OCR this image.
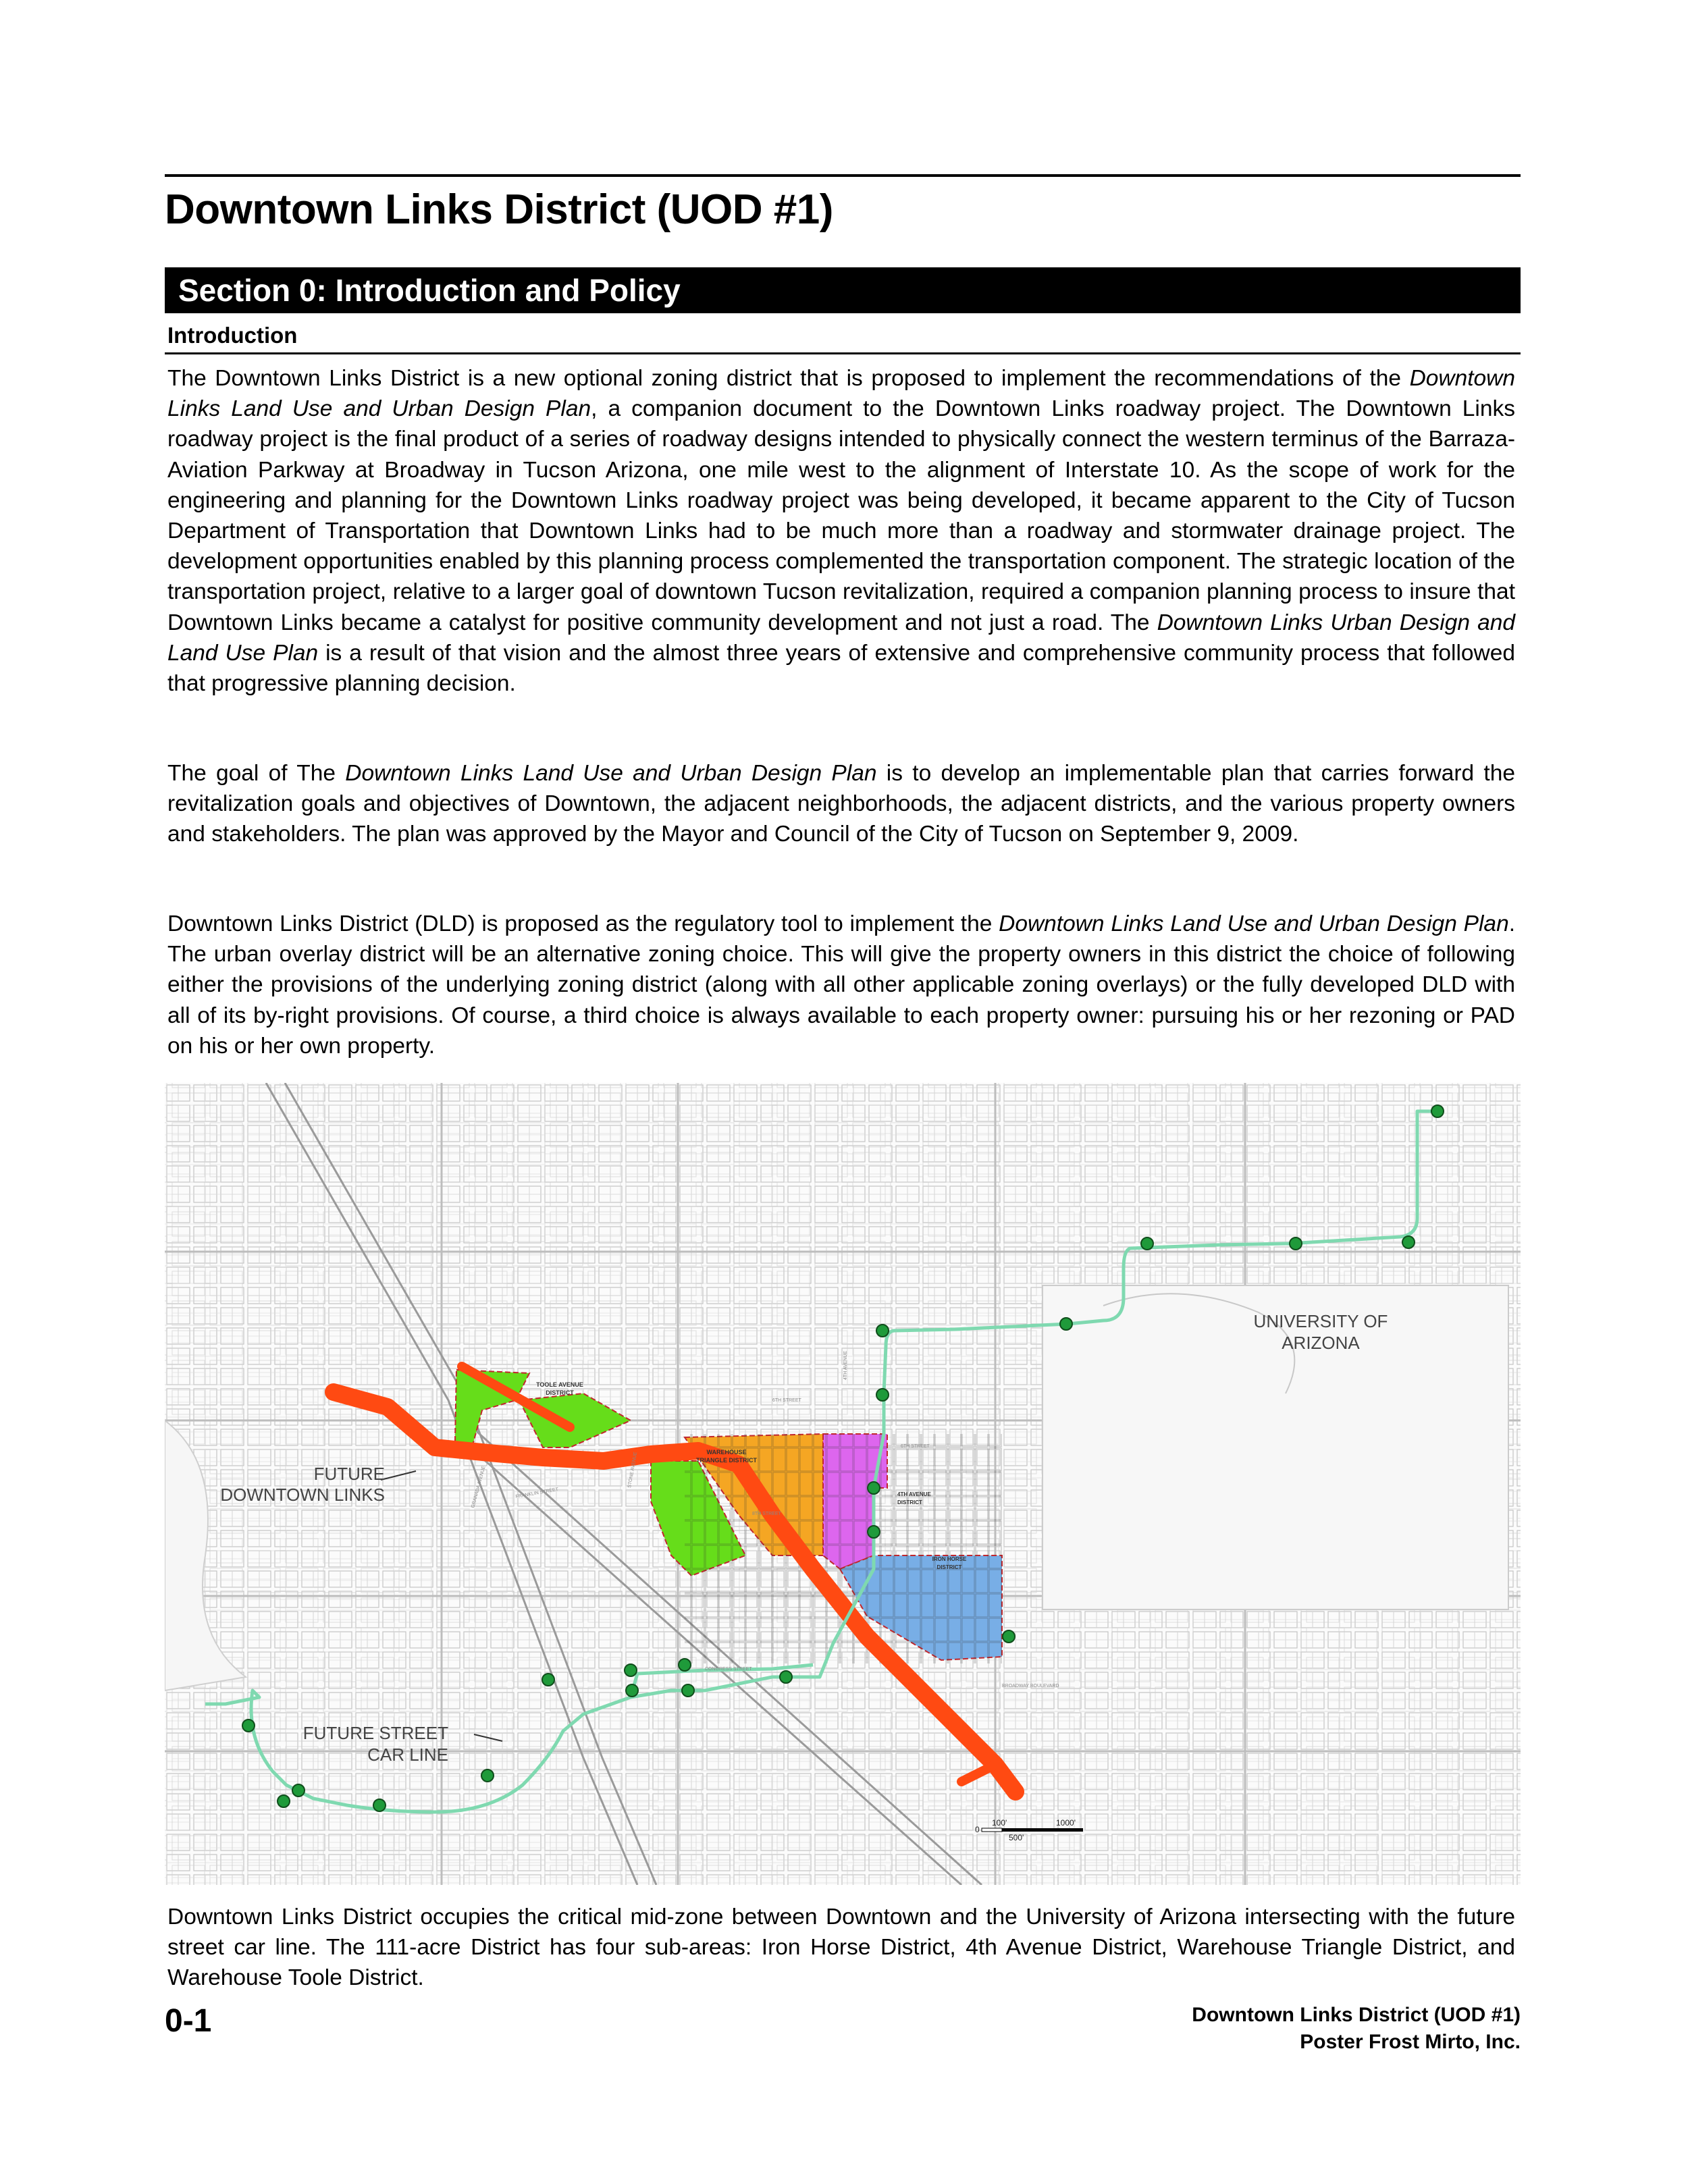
Downtown Links District (UOD #1)
Section 0: Introduction and Policy
Introduction

The Downtown Links District is a new optional zoning district that is proposed to implement the recommendations of the Downtown Links Land Use and Urban Design Plan, a companion document to the Downtown Links roadway project. The Downtown Links roadway project is the final product of a series of roadway designs intended to physically connect the western terminus of the Barraza-Aviation Parkway at Broadway in Tucson Arizona, one mile west to the alignment of Interstate 10. As the scope of work for the engineering and planning for the Downtown Links roadway project was being developed, it became apparent to the City of Tucson Department of Transportation that Downtown Links had to be much more than a roadway and stormwater drainage project. The development opportunities enabled by this planning process complemented the transportation component. The strategic location of the transportation project, relative to a larger goal of downtown Tucson revitalization, required a companion planning process to insure that Downtown Links became a catalyst for positive community development and not just a road. The Downtown Links Urban Design and Land Use Plan is a result of that vision and the almost three years of extensive and comprehensive community process that followed that progressive planning decision.

The goal of The Downtown Links Land Use and Urban Design Plan is to develop an implementable plan that carries forward the revitalization goals and objectives of Downtown, the adjacent neighborhoods, the adjacent districts, and the various property owners and stakeholders. The plan was approved by the Mayor and Council of the City of Tucson on September 9, 2009.

Downtown Links District (DLD) is proposed as the regulatory tool to implement the Downtown Links Land Use and Urban Design Plan. The urban overlay district will be an alternative zoning choice. This will give the property owners in this district the choice of following either the provisions of the underlying zoning district (along with all other applicable zoning overlays) or the fully developed DLD with all of its by-right provisions. Of course, a third choice is always available to each property owner: pursuing his or her rezoning or PAD on his or her own property.

UNIVERSITY OF
ARIZONA
FUTURE
DOWNTOWN LINKS
FUTURE STREET
CAR LINE
TOOLE AVENUE
DISTRICT
WAREHOUSE
TRIANGLE DISTRICT
4TH AVENUE
DISTRICT
IRON HORSE
DISTRICT
BROADWAY BOULEVARD
6TH STREET
8TH STREET
6TH STREET
4TH AVENUE
STONE AVENUE
FRANKLIN STREET
GRANADA AVENUE
CONGRESS STREET
0
100'
500'
1000'

Downtown Links District occupies the critical mid-zone between Downtown and the University of Arizona intersecting with the future street car line. The 111-acre District has four sub-areas: Iron Horse District, 4th Avenue District, Warehouse Triangle District, and Warehouse Toole District.

0-1	Downtown Links District (UOD #1)
Poster Frost Mirto, Inc.
